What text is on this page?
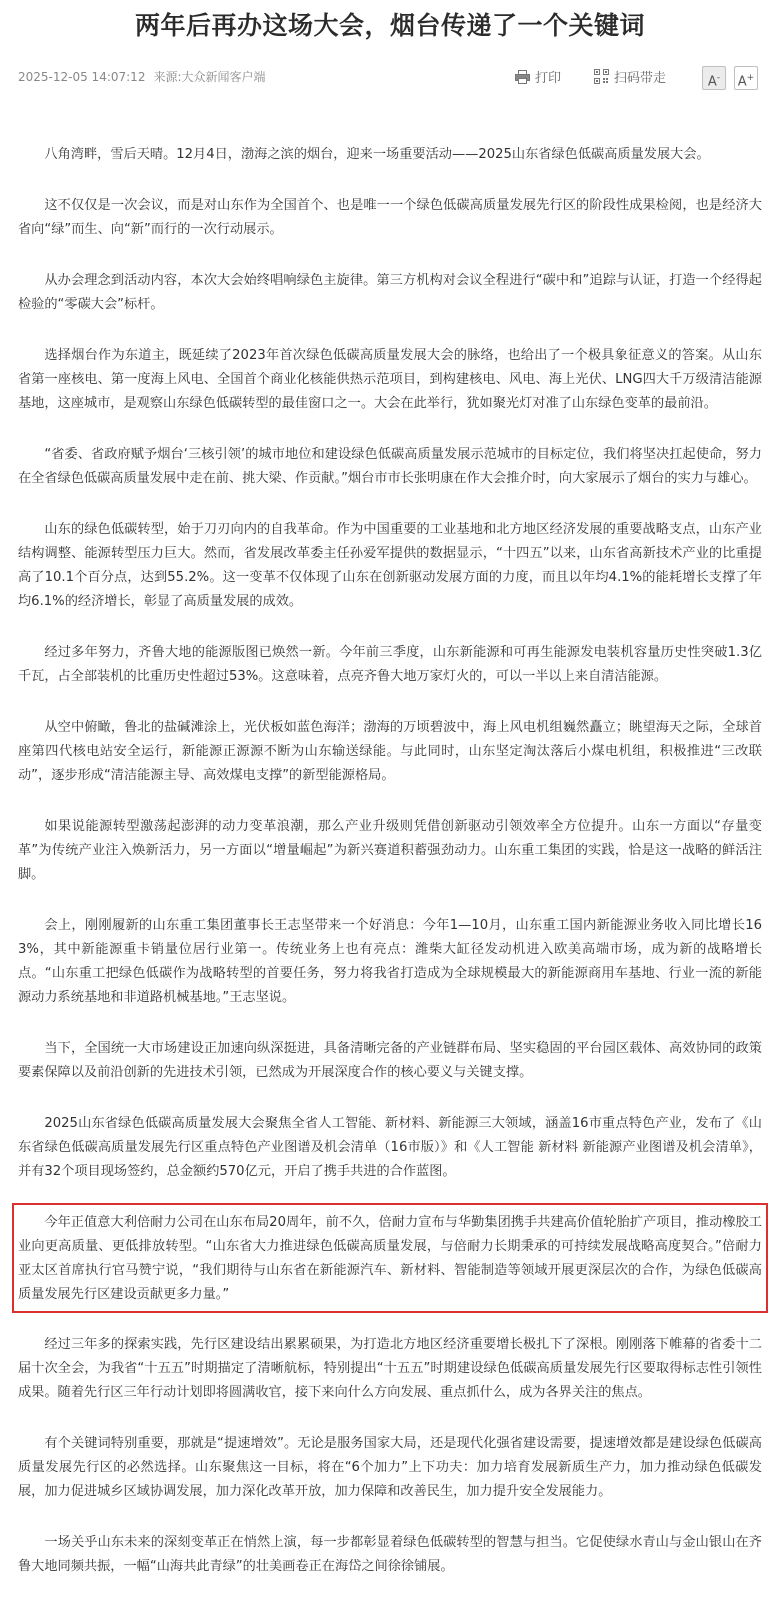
两年后再办这场大会，烟台传递了一个关键词
2025-12-05 14:07:12 来源:大众新闻客户端	打印	扫码带走	A-	A+

八角湾畔，雪后天晴。12月4日，渤海之滨的烟台，迎来一场重要活动——2025山东省绿色低碳高质量发展大会。

这不仅仅是一次会议，而是对山东作为全国首个、也是唯一一个绿色低碳高质量发展先行区的阶段性成果检阅，也是经济大省向“绿”而生、向“新”而行的一次行动展示。

从办会理念到活动内容，本次大会始终唱响绿色主旋律。第三方机构对会议全程进行“碳中和”追踪与认证，打造一个经得起检验的“零碳大会”标杆。

选择烟台作为东道主，既延续了2023年首次绿色低碳高质量发展大会的脉络，也给出了一个极具象征意义的答案。从山东省第一座核电、第一度海上风电、全国首个商业化核能供热示范项目，到构建核电、风电、海上光伏、LNG四大千万级清洁能源基地，这座城市，是观察山东绿色低碳转型的最佳窗口之一。大会在此举行，犹如聚光灯对准了山东绿色变革的最前沿。

“省委、省政府赋予烟台‘三核引领’的城市地位和建设绿色低碳高质量发展示范城市的目标定位，我们将坚决扛起使命，努力在全省绿色低碳高质量发展中走在前、挑大梁、作贡献。”烟台市市长张明康在作大会推介时，向大家展示了烟台的实力与雄心。

山东的绿色低碳转型，始于刀刃向内的自我革命。作为中国重要的工业基地和北方地区经济发展的重要战略支点，山东产业结构调整、能源转型压力巨大。然而，省发展改革委主任孙爱军提供的数据显示，“十四五”以来，山东省高新技术产业的比重提高了10.1个百分点，达到55.2%。这一变革不仅体现了山东在创新驱动发展方面的力度，而且以年均4.1%的能耗增长支撑了年均6.1%的经济增长，彰显了高质量发展的成效。

经过多年努力，齐鲁大地的能源版图已焕然一新。今年前三季度，山东新能源和可再生能源发电装机容量历史性突破1.3亿千瓦，占全部装机的比重历史性超过53%。这意味着，点亮齐鲁大地万家灯火的，可以一半以上来自清洁能源。

从空中俯瞰，鲁北的盐碱滩涂上，光伏板如蓝色海洋；渤海的万顷碧波中，海上风电机组巍然矗立；眺望海天之际，全球首座第四代核电站安全运行，新能源正源源不断为山东输送绿能。与此同时，山东坚定淘汰落后小煤电机组，积极推进“三改联动”，逐步形成“清洁能源主导、高效煤电支撑”的新型能源格局。

如果说能源转型激荡起澎湃的动力变革浪潮，那么产业升级则凭借创新驱动引领效率全方位提升。山东一方面以“存量变革”为传统产业注入焕新活力，另一方面以“增量崛起”为新兴赛道积蓄强劲动力。山东重工集团的实践，恰是这一战略的鲜活注脚。

会上，刚刚履新的山东重工集团董事长王志坚带来一个好消息：今年1—10月，山东重工国内新能源业务收入同比增长163%，其中新能源重卡销量位居行业第一。传统业务上也有亮点：潍柴大缸径发动机进入欧美高端市场，成为新的战略增长点。“山东重工把绿色低碳作为战略转型的首要任务，努力将我省打造成为全球规模最大的新能源商用车基地、行业一流的新能源动力系统基地和非道路机械基地。”王志坚说。

当下，全国统一大市场建设正加速向纵深挺进，具备清晰完备的产业链群布局、坚实稳固的平台园区载体、高效协同的政策要素保障以及前沿创新的先进技术引领，已然成为开展深度合作的核心要义与关键支撑。

2025山东省绿色低碳高质量发展大会聚焦全省人工智能、新材料、新能源三大领域，涵盖16市重点特色产业，发布了《山东省绿色低碳高质量发展先行区重点特色产业图谱及机会清单（16市版）》和《人工智能 新材料 新能源产业图谱及机会清单》，并有32个项目现场签约，总金额约570亿元，开启了携手共进的合作蓝图。

今年正值意大利倍耐力公司在山东布局20周年，前不久，倍耐力宣布与华勤集团携手共建高价值轮胎扩产项目，推动橡胶工业向更高质量、更低排放转型。“山东省大力推进绿色低碳高质量发展，与倍耐力长期秉承的可持续发展战略高度契合。”倍耐力亚太区首席执行官马赞宁说，“我们期待与山东省在新能源汽车、新材料、智能制造等领域开展更深层次的合作，为绿色低碳高质量发展先行区建设贡献更多力量。”

经过三年多的探索实践，先行区建设结出累累硕果，为打造北方地区经济重要增长极扎下了深根。刚刚落下帷幕的省委十二届十次全会，为我省“十五五”时期描定了清晰航标，特别提出“十五五”时期建设绿色低碳高质量发展先行区要取得标志性引领性成果。随着先行区三年行动计划即将圆满收官，接下来向什么方向发展、重点抓什么，成为各界关注的焦点。

有个关键词特别重要，那就是“提速增效”。无论是服务国家大局，还是现代化强省建设需要，提速增效都是建设绿色低碳高质量发展先行区的必然选择。山东聚焦这一目标，将在“6个加力”上下功夫：加力培育发展新质生产力，加力推动绿色低碳发展，加力促进城乡区域协调发展，加力深化改革开放，加力保障和改善民生，加力提升安全发展能力。

一场关乎山东未来的深刻变革正在悄然上演，每一步都彰显着绿色低碳转型的智慧与担当。它促使绿水青山与金山银山在齐鲁大地同频共振，一幅“山海共此青绿”的壮美画卷正在海岱之间徐徐铺展。
